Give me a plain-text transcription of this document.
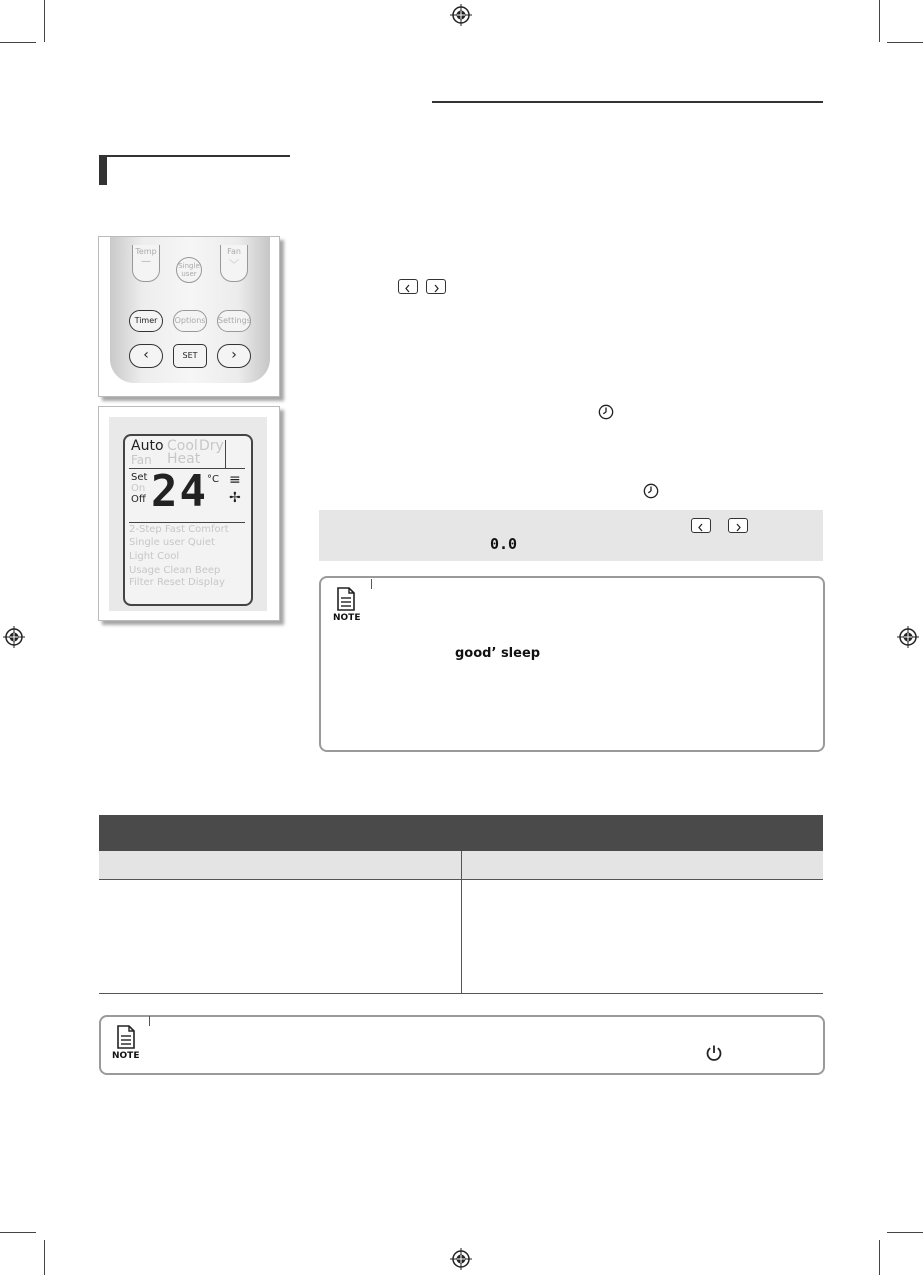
Temp
—	Single user
Fan
﹀
Timer	Options Settings
‹	SET	›
Auto Cool Dry
Fan Heat
Set
On
Off 24 °C ≡
✢
2-Step Fast Comfort
Single user Quiet
Light Cool
Usage Clean Beep
Filter Reset Display
0.0
NOTE
good’ sleep
NOTE
